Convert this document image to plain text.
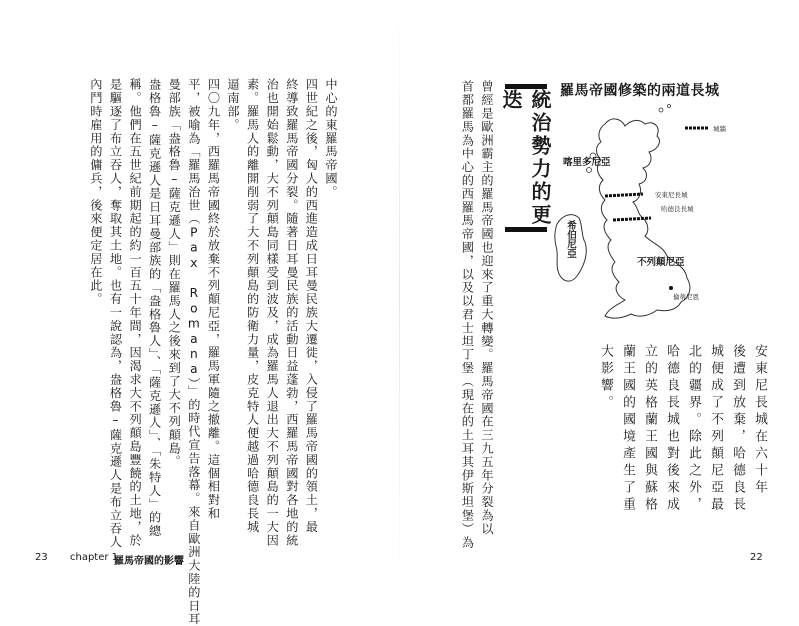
中心的東羅馬帝國。
四世紀之後，匈人的西進造成日耳曼民族大遷徙，入侵了羅馬帝國的領土，最
終導致羅馬帝國分裂。隨著日耳曼民族的活動日益蓬勃，西羅馬帝國對各地的統
治也開始鬆動，大不列顛島同樣受到波及，成為羅馬人退出大不列顛島的一大因
素。羅馬人的離開削弱了大不列顛島的防衛力量，皮克特人便越過哈德良長城
逼南部。
四〇九年，西羅馬帝國終於放棄不列顛尼亞，羅馬軍隨之撤離。這個相對和
平，被喻為「羅馬治世（Pax Romana）」的時代宣告落幕。來自歐洲大陸的日耳
曼部族「盎格魯–薩克遜人」則在羅馬人之後來到了大不列顛島。
盎格魯–薩克遜人是日耳曼部族的「盎格魯人」、「薩克遜人」、「朱特人」的總
稱。他們在五世紀前期起的約一百五十年間，因渴求大不列顛島豐饒的土地，於
是驅逐了布立吞人，奪取其土地。也有一說認為，盎格魯–薩克遜人是布立吞人
內鬥時雇用的傭兵，後來便定居在此。
23 chapter 1
羅馬帝國的影響
曾經是歐洲霸主的羅馬帝國也迎來了重大轉變。羅馬帝國在三九五年分裂為以
首都羅馬為中心的西羅馬帝國，以及以君士坦丁堡（現在的土耳其伊斯坦堡）為	統治勢力的更迭	羅馬帝國修築的兩道長城
城牆
喀里多尼亞
安東尼長城
哈德良長城
希伯尼亞
不列顛尼亞
倫蒂尼恩
安東尼長城在六十年
後遭到放棄，哈德良長
城便成了不列顛尼亞最
北的疆界。除此之外，
哈德良長城也對後來成
立的英格蘭王國與蘇格
蘭王國的國境產生了重
大影響。
22
